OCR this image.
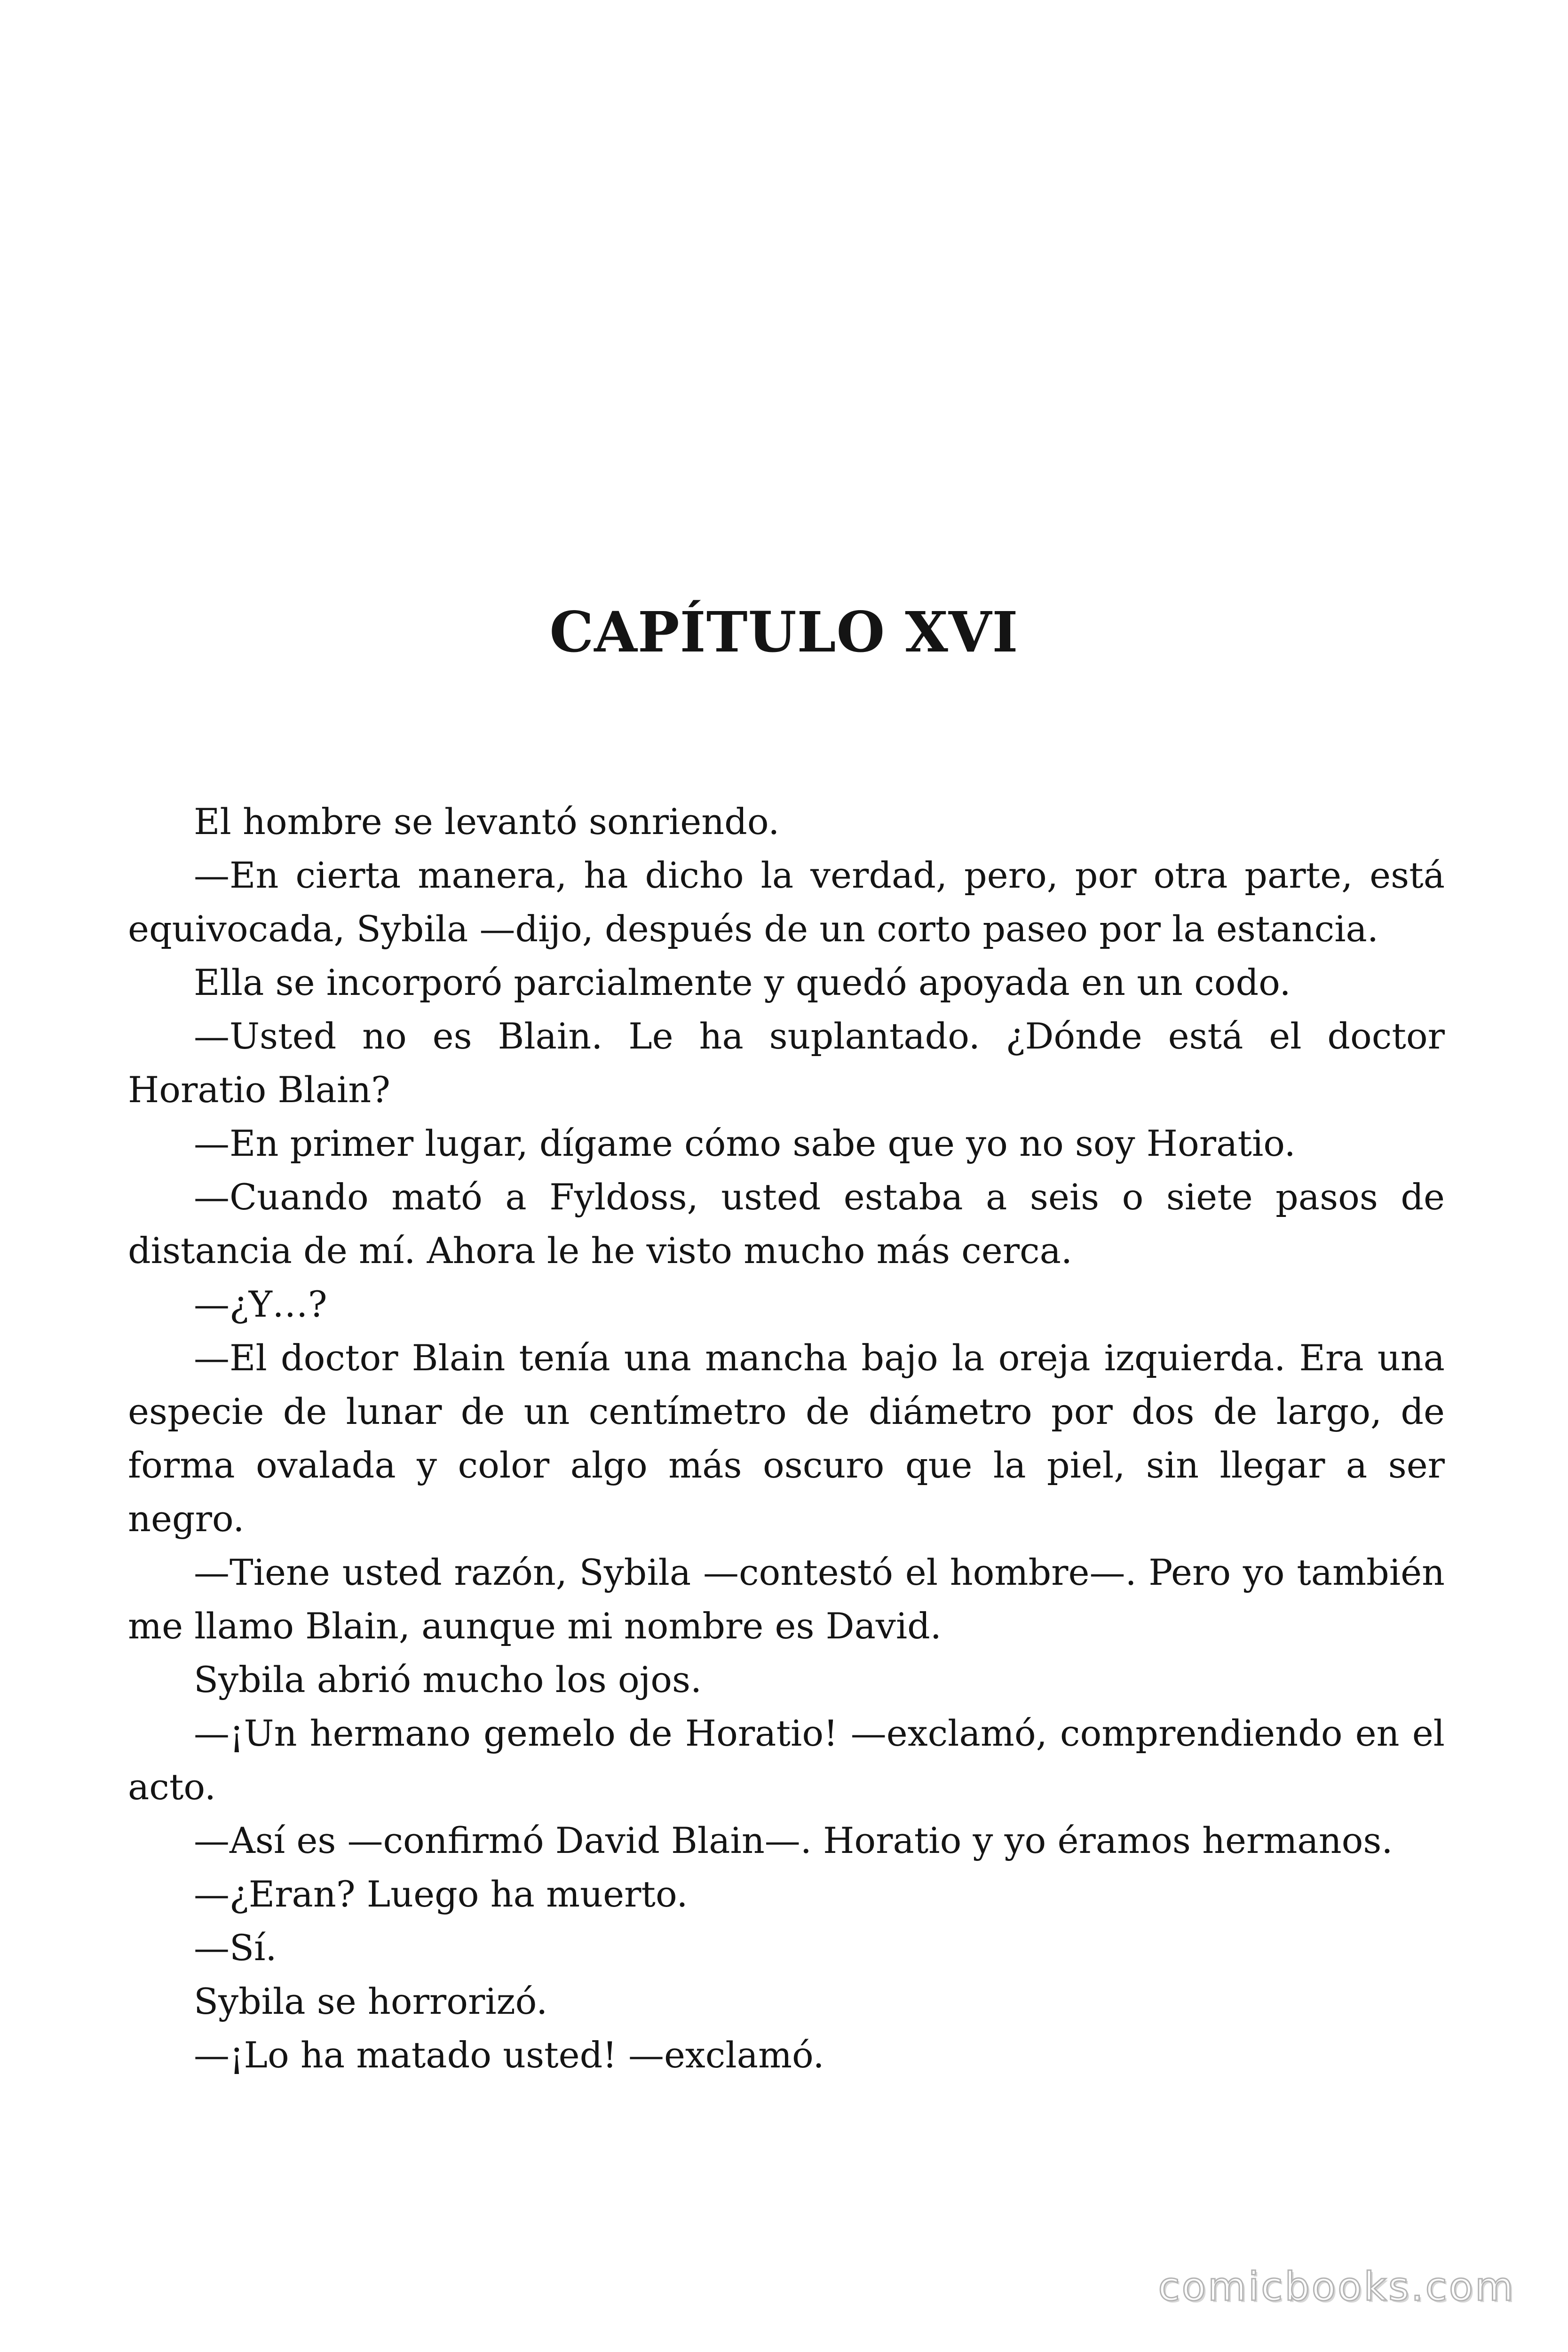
CAPÍTULO XVI

El hombre se levantó sonriendo.

—En cierta manera, ha dicho la verdad, pero, por otra parte, está equivocada, Sybila —dijo, después de un corto paseo por la estancia.

Ella se incorporó parcialmente y quedó apoyada en un codo.

—Usted no es Blain. Le ha suplantado. ¿Dónde está el doctor Horatio Blain?

—En primer lugar, dígame cómo sabe que yo no soy Horatio.

—Cuando mató a Fyldoss, usted estaba a seis o siete pasos de distancia de mí. Ahora le he visto mucho más cerca.

—¿Y…?

—El doctor Blain tenía una mancha bajo la oreja izquierda. Era una especie de lunar de un centímetro de diámetro por dos de largo, de forma ovalada y color algo más oscuro que la piel, sin llegar a ser negro.

—Tiene usted razón, Sybila —contestó el hombre—. Pero yo también me llamo Blain, aunque mi nombre es David.

Sybila abrió mucho los ojos.

—¡Un hermano gemelo de Horatio! —exclamó, comprendiendo en el acto.

—Así es —confirmó David Blain—. Horatio y yo éramos hermanos.

—¿Eran? Luego ha muerto.

—Sí.

Sybila se horrorizó.

—¡Lo ha matado usted! —exclamó.

comicbooks.com
